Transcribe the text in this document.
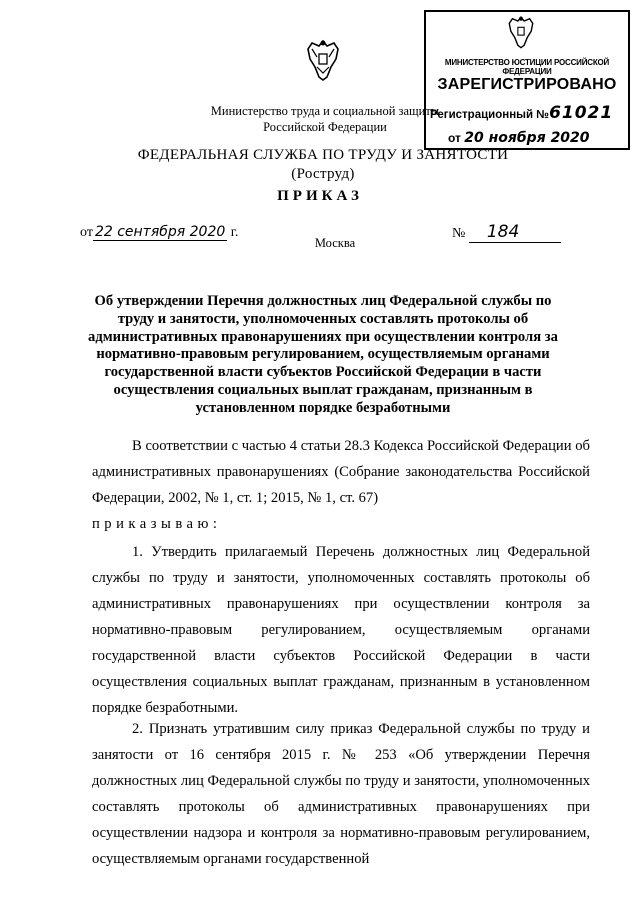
МИНИСТЕРСТВО ЮСТИЦИИ РОССИЙСКОЙ ФЕДЕРАЦИИ
ЗАРЕГИСТРИРОВАНО
Регистрационный №61021
от 20 ноября 2020
Министерство труда и социальной защиты
Российской Федерации
ФЕДЕРАЛЬНАЯ СЛУЖБА ПО ТРУДУ И ЗАНЯТОСТИ
(Роструд)
ПРИКАЗ
от 22 сентября 2020 г.	№ 184
Москва
Об утверждении Перечня должностных лиц Федеральной службы по труду и занятости, уполномоченных составлять протоколы об административных правонарушениях при осуществлении контроля за нормативно-правовым регулированием, осуществляемым органами государственной власти субъектов Российской Федерации в части осуществления социальных выплат гражданам, признанным в установленном порядке безработными
В соответствии с частью 4 статьи 28.3 Кодекса Российской Федерации об административных правонарушениях (Собрание законодательства Российской Федерации, 2002, № 1, ст. 1; 2015, № 1, ст. 67)
приказываю:
1. Утвердить прилагаемый Перечень должностных лиц Федеральной службы по труду и занятости, уполномоченных составлять протоколы об административных правонарушениях при осуществлении контроля за нормативно-правовым регулированием, осуществляемым органами государственной власти субъектов Российской Федерации в части осуществления социальных выплат гражданам, признанным в установленном порядке безработными.
2. Признать утратившим силу приказ Федеральной службы по труду и занятости от 16 сентября 2015 г. № 253 «Об утверждении Перечня должностных лиц Федеральной службы по труду и занятости, уполномоченных составлять протоколы об административных правонарушениях при осуществлении надзора и контроля за нормативно-правовым регулированием, осуществляемым органами государственной
